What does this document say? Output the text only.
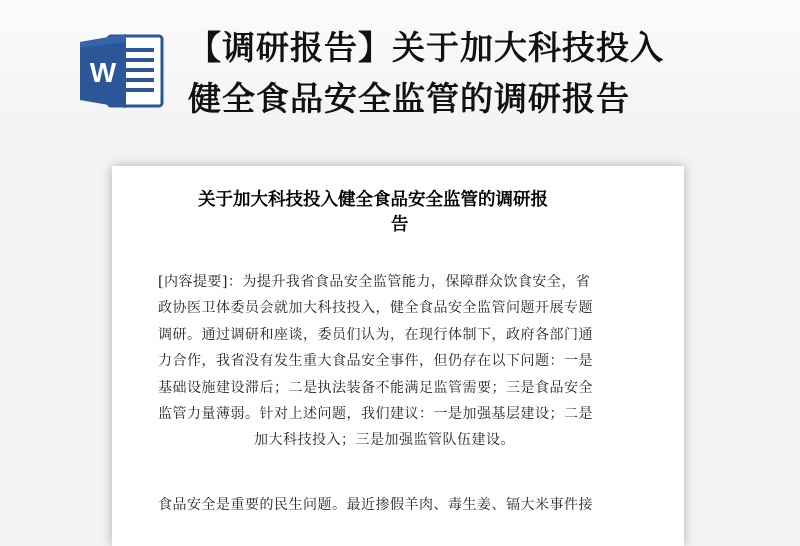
W
【调研报告】关于加大科技投入
健全食品安全监管的调研报告
关于加大科技投入健全食品安全监管的调研报
告
[内容提要]：为提升我省食品安全监管能力，保障群众饮食安全，省
政协医卫体委员会就加大科技投入，健全食品安全监管问题开展专题
调研。通过调研和座谈，委员们认为，在现行体制下，政府各部门通
力合作，我省没有发生重大食品安全事件，但仍存在以下问题：一是
基础设施建设滞后；二是执法装备不能满足监管需要；三是食品安全
监管力量薄弱。针对上述问题，我们建议：一是加强基层建设；二是
加大科技投入；三是加强监管队伍建设。
食品安全是重要的民生问题。最近掺假羊肉、毒生姜、镉大米事件接
